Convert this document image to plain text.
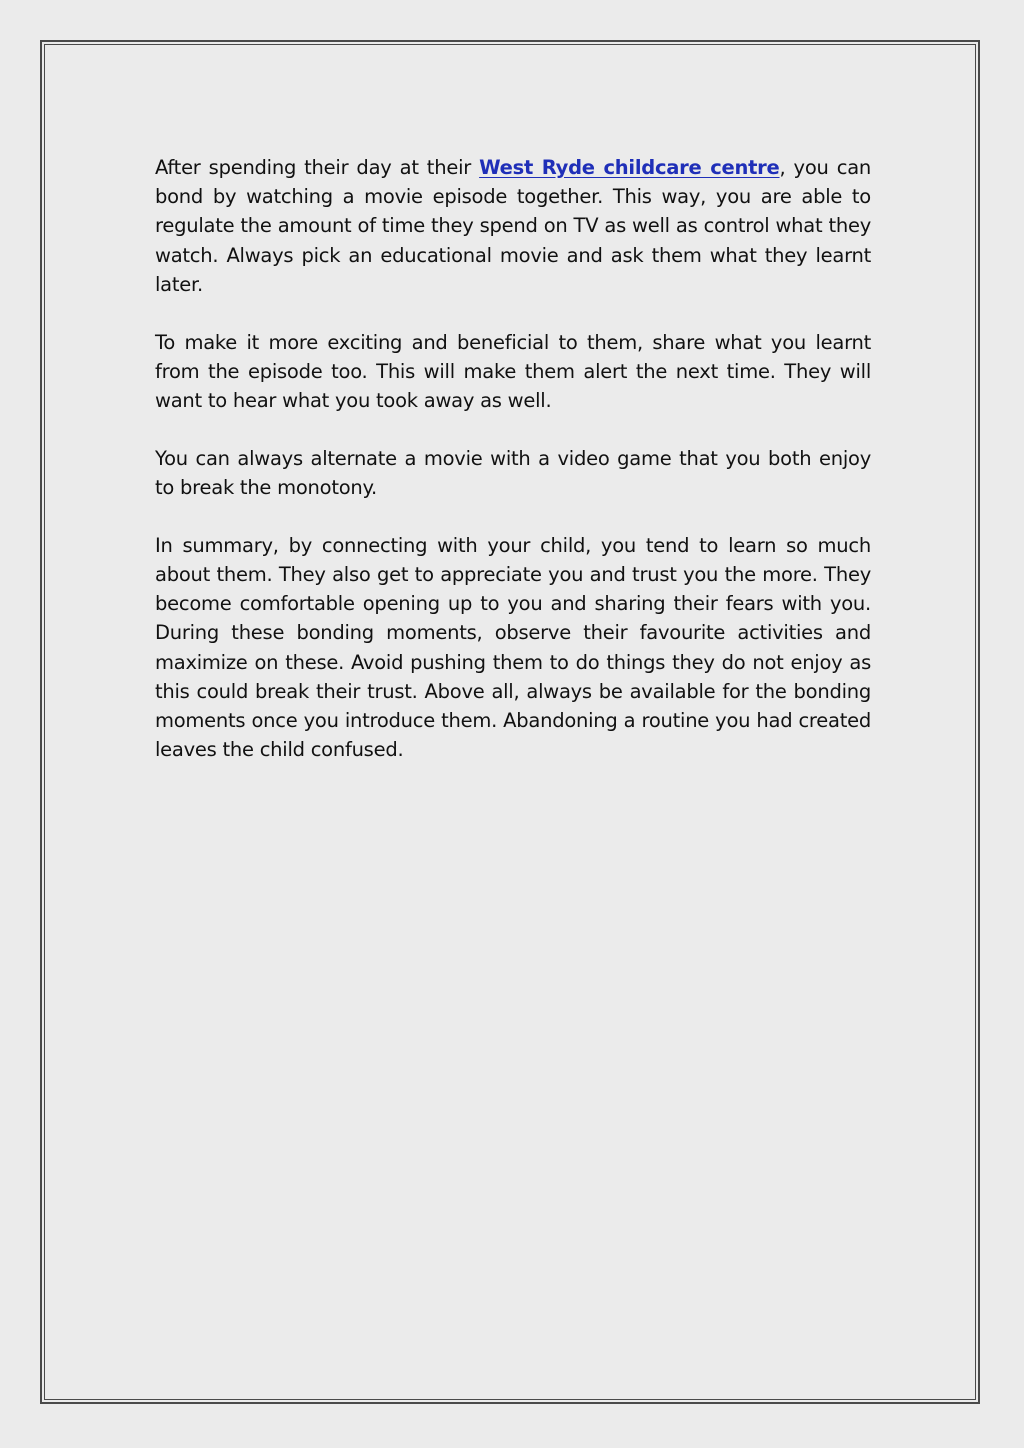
After spending their day at their West Ryde childcare centre, you can bond by watching a movie episode together. This way, you are able to regulate the amount of time they spend on TV as well as control what they watch. Always pick an educational movie and ask them what they learnt later.

To make it more exciting and beneficial to them, share what you learnt from the episode too. This will make them alert the next time. They will want to hear what you took away as well.

You can always alternate a movie with a video game that you both enjoy to break the monotony.

In summary, by connecting with your child, you tend to learn so much about them. They also get to appreciate you and trust you the more. They become comfortable opening up to you and sharing their fears with you. During these bonding moments, observe their favourite activities and maximize on these. Avoid pushing them to do things they do not enjoy as this could break their trust. Above all, always be available for the bonding moments once you introduce them. Abandoning a routine you had created leaves the child confused.
